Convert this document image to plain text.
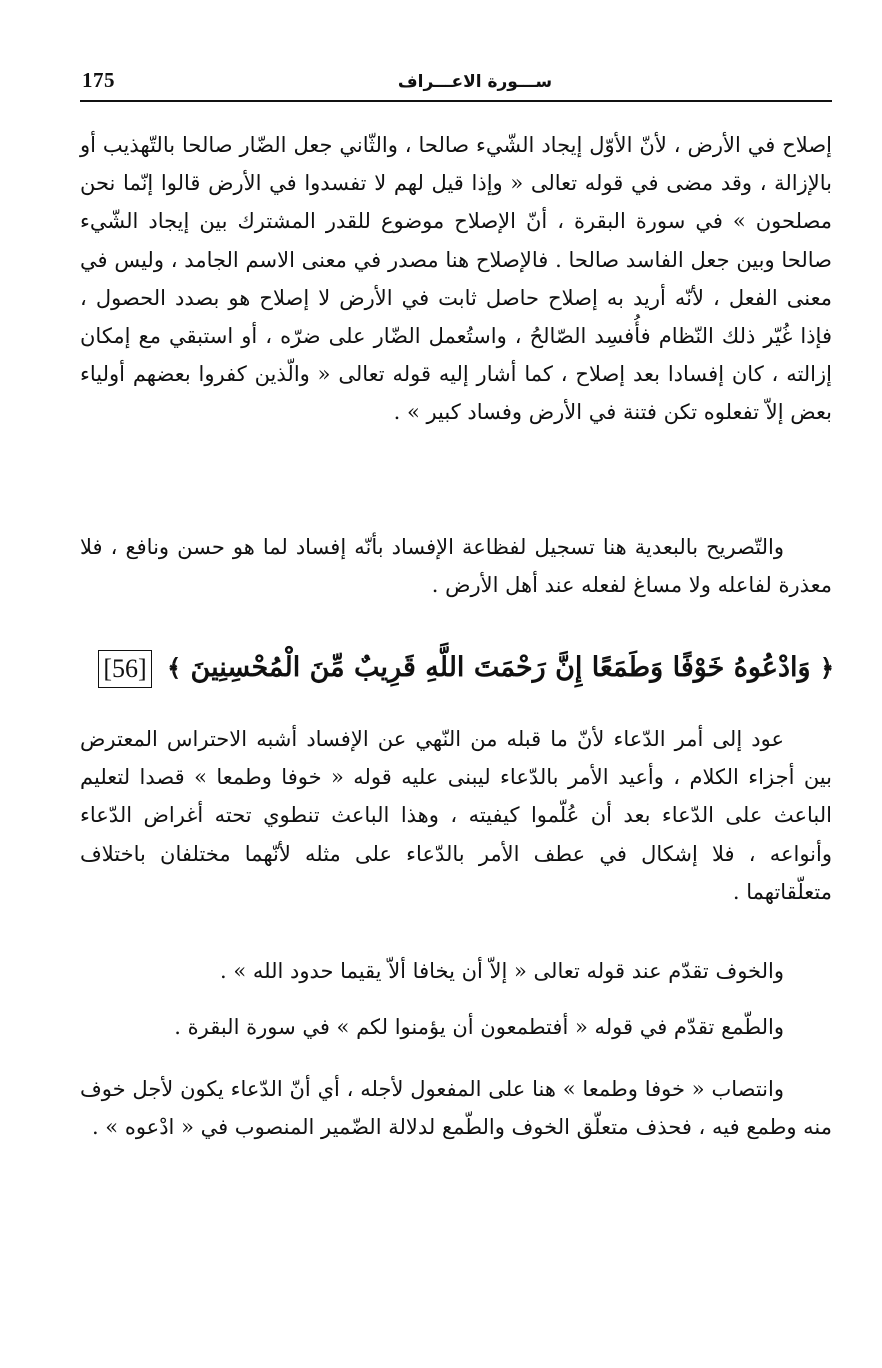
175	ســـورة الاعـــراف

إصلاح في الأرض ، لأنّ الأوّل إيجاد الشّيء صالحا ، والثّاني جعل الضّار صالحا بالتّهذيب أو بالإزالة ، وقد مضى في قوله تعالى « وإذا قيل لهم لا تفسدوا في الأرض قالوا إنّما نحن مصلحون » في سورة البقرة ، أنّ الإصلاح موضوع للقدر المشترك بين إيجاد الشّيء صالحا وبين جعل الفاسد صالحا . فالإصلاح هنا مصدر في معنى الاسم الجامد ، وليس في معنى الفعل ، لأنّه أريد به إصلاح حاصل ثابت في الأرض لا إصلاح هو بصدد الحصول ، فإذا غُيّر ذلك النّظام فأُفسِد الصّالحُ ، واستُعمل الضّار على ضرّه ، أو استبقي مع إمكان إزالته ، كان إفسادا بعد إصلاح ، كما أشار إليه قوله تعالى « والّذين كفروا بعضهم أولياء بعض إلاّ تفعلوه تكن فتنة في الأرض وفساد كبير » .

والتّصريح بالبعدية هنا تسجيل لفظاعة الإفساد بأنّه إفساد لما هو حسن ونافع ، فلا معذرة لفاعله ولا مساغ لفعله عند أهل الأرض .

﴿ وَادْعُوهُ خَوْفًا وَطَمَعًا إِنَّ رَحْمَتَ اللَّهِ قَرِيبٌ مِّنَ الْمُحْسِنِينَ ﴾ [56]

عود إلى أمر الدّعاء لأنّ ما قبله من النّهي عن الإفساد أشبه الاحتراس المعترض بين أجزاء الكلام ، وأعيد الأمر بالدّعاء ليبنى عليه قوله « خوفا وطمعا » قصدا لتعليم الباعث على الدّعاء بعد أن عُلّموا كيفيته ، وهذا الباعث تنطوي تحته أغراض الدّعاء وأنواعه ، فلا إشكال في عطف الأمر بالدّعاء على مثله لأنّهما مختلفان باختلاف متعلّقاتهما .

والخوف تقدّم عند قوله تعالى « إلاّ أن يخافا ألاّ يقيما حدود الله » .

والطّمع تقدّم في قوله « أفتطمعون أن يؤمنوا لكم » في سورة البقرة .

وانتصاب « خوفا وطمعا » هنا على المفعول لأجله ، أي أنّ الدّعاء يكون لأجل خوف منه وطمع فيه ، فحذف متعلّق الخوف والطّمع لدلالة الضّمير المنصوب في « ادْعوه » .
